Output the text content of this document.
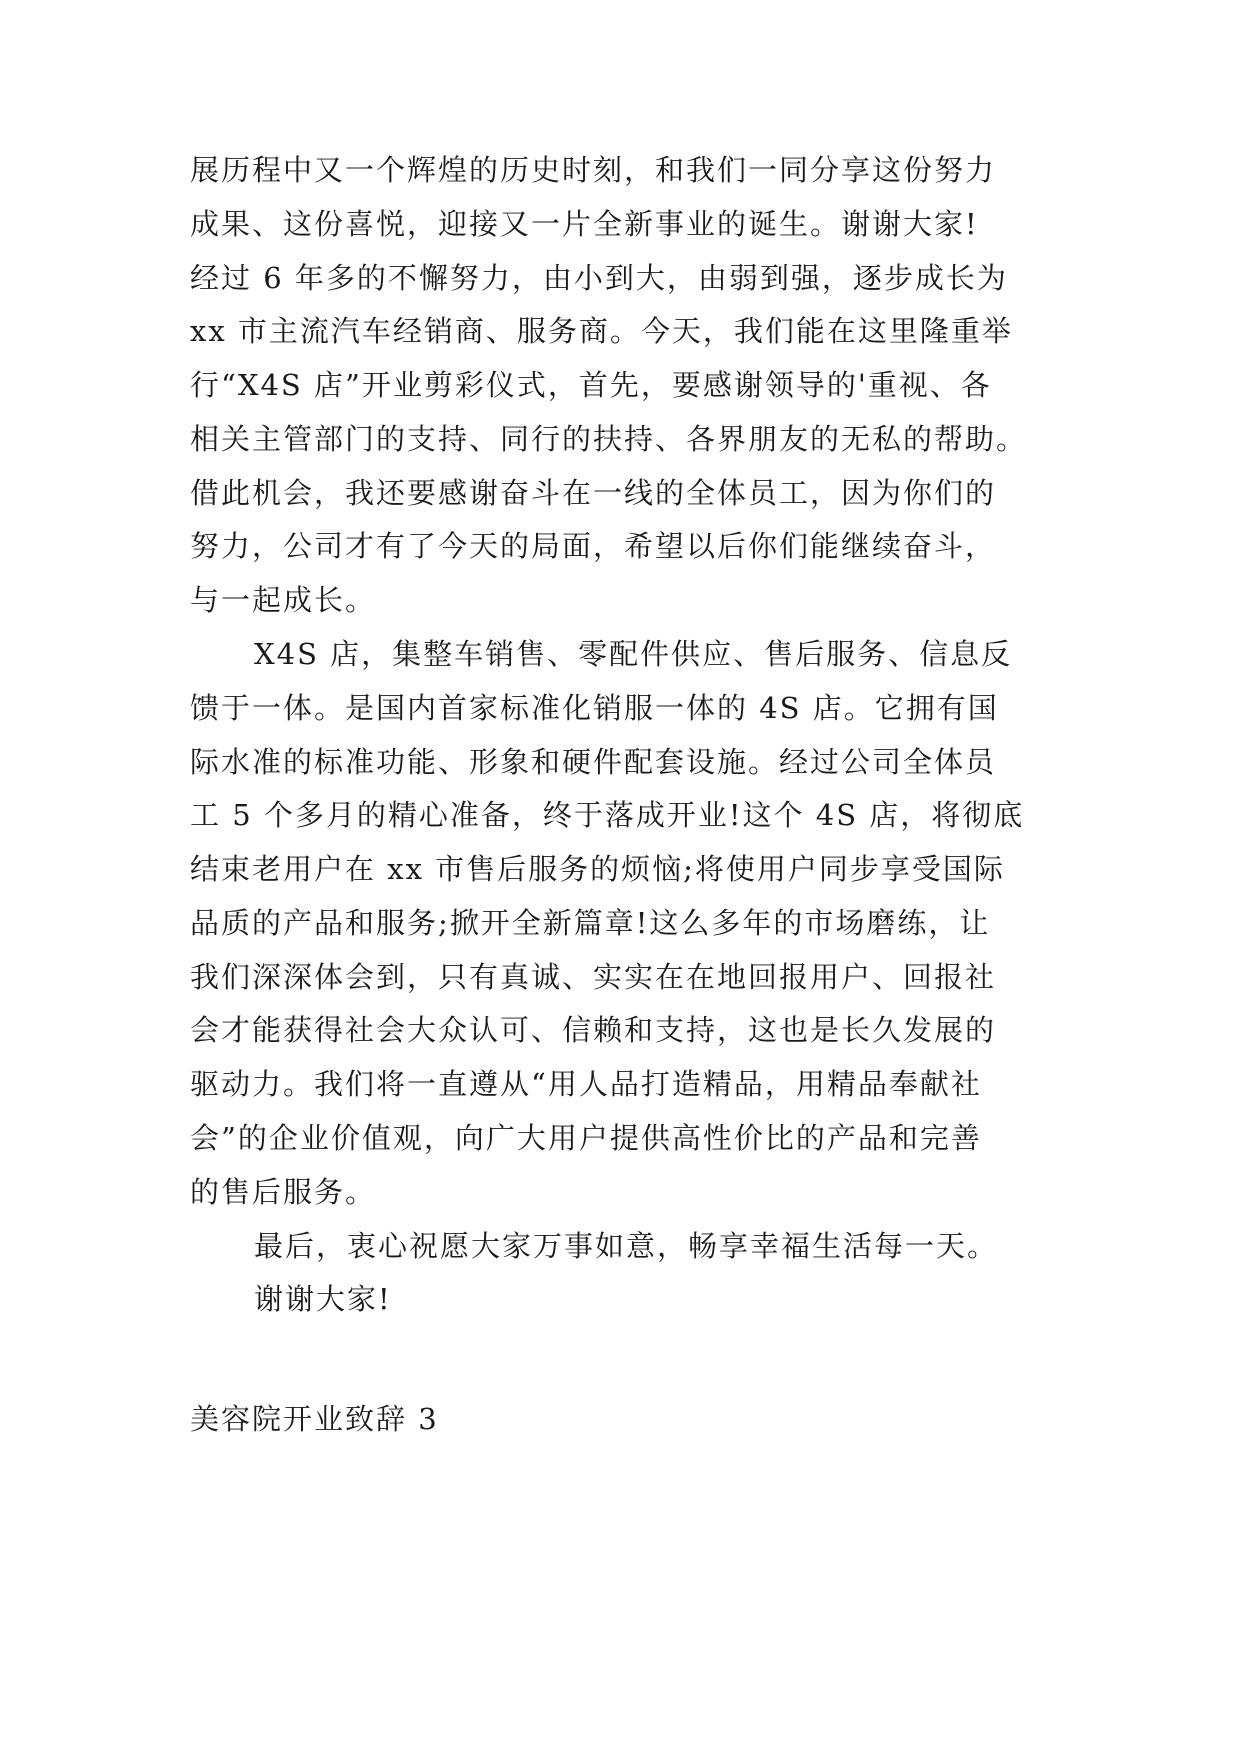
展历程中又一个辉煌的历史时刻，和我们一同分享这份努力
成果、这份喜悦，迎接又一片全新事业的诞生。谢谢大家!
经过 6 年多的不懈努力，由小到大，由弱到强，逐步成长为
xx 市主流汽车经销商、服务商。今天，我们能在这里隆重举
行“X4S 店”开业剪彩仪式，首先，要感谢领导的'重视、各
相关主管部门的支持、同行的扶持、各界朋友的无私的帮助。
借此机会，我还要感谢奋斗在一线的全体员工，因为你们的
努力，公司才有了今天的局面，希望以后你们能继续奋斗，
与一起成长。
X4S 店，集整车销售、零配件供应、售后服务、信息反
馈于一体。是国内首家标准化销服一体的 4S 店。它拥有国
际水准的标准功能、形象和硬件配套设施。经过公司全体员
工 5 个多月的精心准备，终于落成开业!这个 4S 店，将彻底
结束老用户在 xx 市售后服务的烦恼;将使用户同步享受国际
品质的产品和服务;掀开全新篇章!这么多年的市场磨练，让
我们深深体会到，只有真诚、实实在在地回报用户、回报社
会才能获得社会大众认可、信赖和支持，这也是长久发展的
驱动力。我们将一直遵从“用人品打造精品，用精品奉献社
会”的企业价值观，向广大用户提供高性价比的产品和完善
的售后服务。
最后，衷心祝愿大家万事如意，畅享幸福生活每一天。
谢谢大家!
美容院开业致辞 3
